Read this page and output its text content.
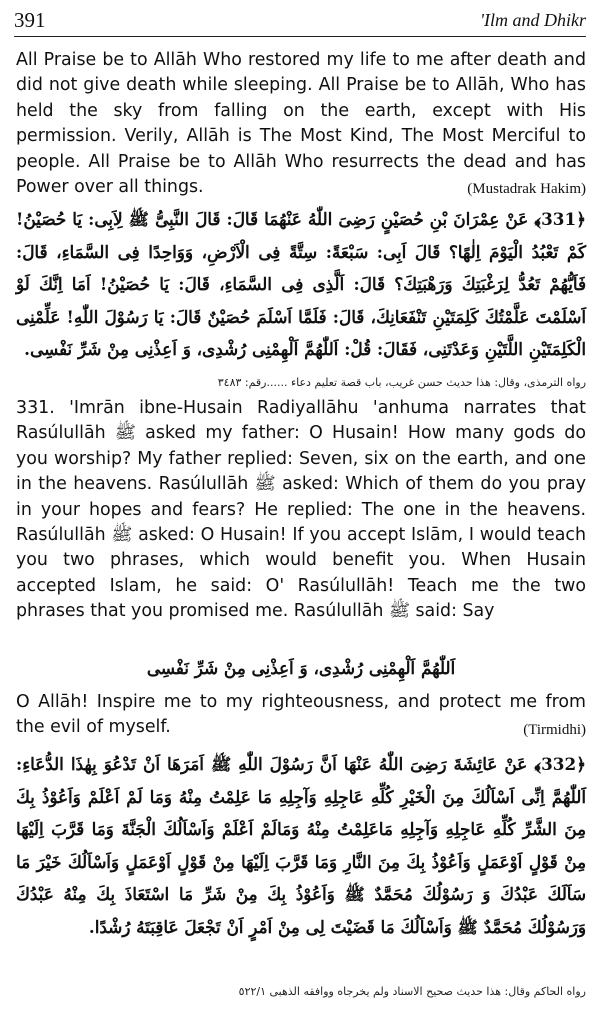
391	'Ilm and Dhikr

All Praise be to Allāh Who restored my life to me after death and did not give death while sleeping. All Praise be to Allāh, Who has held the sky from falling on the earth, except with His permission. Verily, Allāh is The Most Kind, The Most Merciful to people. All Praise be to Allāh Who resurrects the dead and has Power over all things.	(Mustadrak Hakim)

﴿331﴾ عَنْ عِمْرَانَ بْنِ حُصَيْنٍ رَضِىَ اللّٰهُ عَنْهُمَا قَالَ: قَالَ النَّبِىُّ ﷺ لِاَبِى: يَا حُصَيْنُ! كَمْ تَعْبُدُ الْيَوْمَ اِلٰهًا؟ قَالَ اَبِى: سَبْعَةً: سِتَّةً فِى الْاَرْضِ، وَوَاحِدًا فِى السَّمَاءِ، قَالَ: فَاَيُّهُمْ تَعُدُّ لِرَغْبَتِكَ وَرَهْبَتِكَ؟ قَالَ: اَلَّذِى فِى السَّمَاءِ، قَالَ: يَا حُصَيْنُ! اَمَا اِنَّكَ لَوْ اَسْلَمْتَ عَلَّمْتُكَ كَلِمَتَيْنِ تَنْفَعَانِكَ، قَالَ: فَلَمَّا اَسْلَمَ حُصَيْنٌ قَالَ: يَا رَسُوْلَ اللّٰهِ! عَلِّمْنِى الْكَلِمَتَيْنِ اللَّتَيْنِ وَعَدْتَنِى، فَقَالَ: قُلْ: اَللّٰهُمَّ اَلْهِمْنِى رُشْدِى، وَ اَعِذْنِى مِنْ شَرِّ نَفْسِى.

رواه الترمذى، وقال: هذا حديث حسن غريب، باب قصة تعليم دعاء ......رقم: ٣٤٨٣

331. 'Imrān ibne-Husain Radiyallāhu 'anhuma narrates that Rasúlullāh ﷺ asked my father: O Husain! How many gods do you worship? My father replied: Seven, six on the earth, and one in the heavens. Rasúlullāh ﷺ asked: Which of them do you pray in your hopes and fears? He replied: The one in the heavens. Rasúlullāh ﷺ asked: O Husain! If you accept Islām, I would teach you two phrases, which would benefit you. When Husain accepted Islam, he said: O' Rasúlullāh! Teach me the two phrases that you promised me. Rasúlullāh ﷺ said: Say

اَللّٰهُمَّ اَلْهِمْنِى رُشْدِى، وَ اَعِذْنِى مِنْ شَرِّ نَفْسِى

O Allāh! Inspire me to my righteousness, and protect me from the evil of myself.	(Tirmidhi)

﴿332﴾ عَنْ عَائِشَةَ رَضِىَ اللّٰهُ عَنْهَا اَنَّ رَسُوْلَ اللّٰهِ ﷺ اَمَرَهَا اَنْ تَدْعُوَ بِهٰذَا الدُّعَاءِ: اَللّٰهُمَّ اِنِّى اَسْاَلُكَ مِنَ الْخَيْرِ كُلِّهِ عَاجِلِهِ وَآجِلِهِ مَا عَلِمْتُ مِنْهُ وَمَا لَمْ اَعْلَمْ وَاَعُوْذُ بِكَ مِنَ الشَّرِّ كُلِّهِ عَاجِلِهِ وَآجِلِهِ مَاعَلِمْتُ مِنْهُ وَمَالَمْ اَعْلَمْ وَاَسْاَلُكَ الْجَنَّةَ وَمَا قَرَّبَ اِلَيْهَا مِنْ قَوْلٍ اَوْعَمَلٍ وَاَعُوْذُ بِكَ مِنَ النَّارِ وَمَا قَرَّبَ اِلَيْهَا مِنْ قَوْلٍ اَوْعَمَلٍ وَاَسْاَلُكَ خَيْرَ مَا سَاَلَكَ عَبْدُكَ وَ رَسُوْلُكَ مُحَمَّدٌ ﷺ وَاَعُوْذُ بِكَ مِنْ شَرِّ مَا اسْتَعَاذَ بِكَ مِنْهُ عَبْدُكَ وَرَسُوْلُكَ مُحَمَّدٌ ﷺ وَاَسْاَلُكَ مَا قَضَيْتَ لِى مِنْ اَمْرٍ اَنْ تَجْعَلَ عَاقِبَتَهُ رُشْدًا.

رواه الحاكم وقال: هذا حديث صحيح الاسناد ولم يخرجاه ووافقه الذهبى ٥٢٢/١
